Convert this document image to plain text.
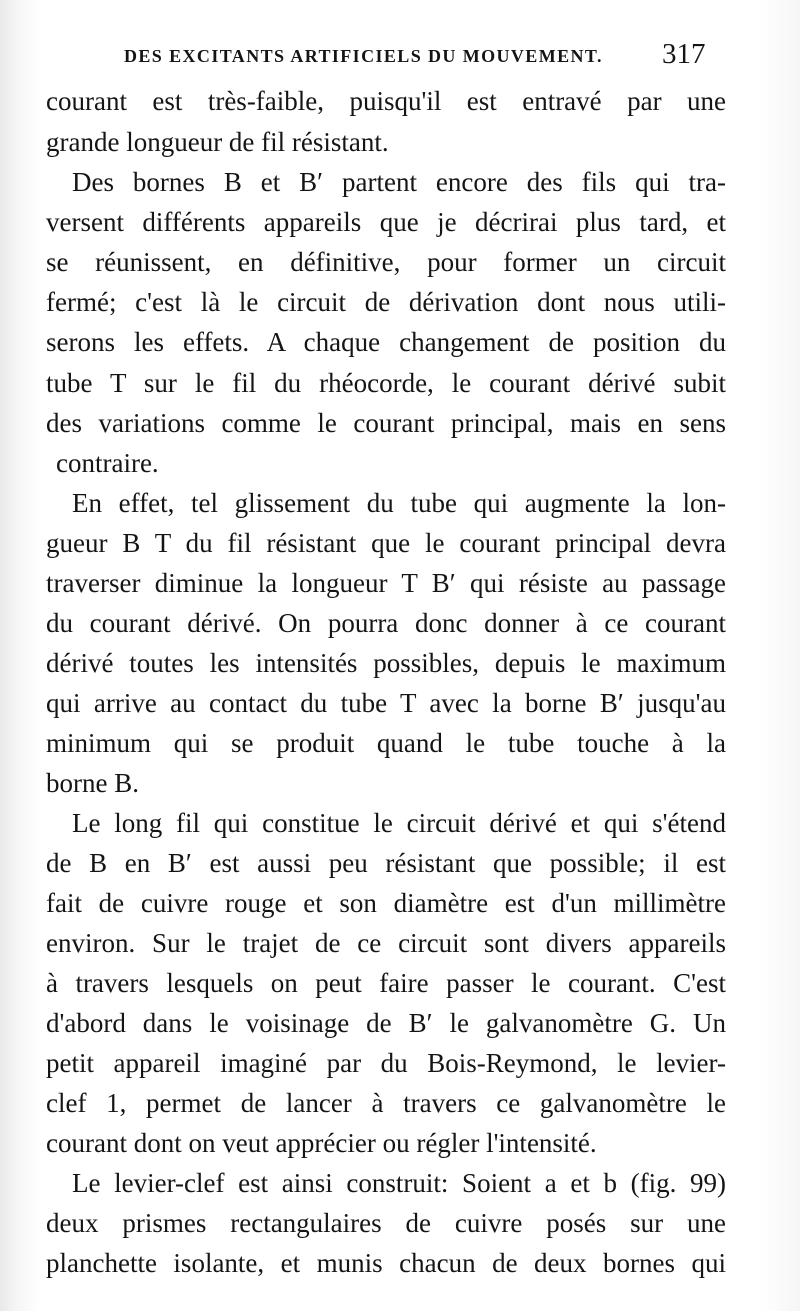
DES EXCITANTS ARTIFICIELS DU MOUVEMENT. 317
courant est très-faible, puisqu'il est entravé par une
grande longueur de fil résistant.
Des bornes B et B′ partent encore des fils qui tra-
versent différents appareils que je décrirai plus tard, et
se réunissent, en définitive, pour former un circuit
fermé; c'est là le circuit de dérivation dont nous utili-
serons les effets. A chaque changement de position du
tube T sur le fil du rhéocorde, le courant dérivé subit
des variations comme le courant principal, mais en sens
contraire.
En effet, tel glissement du tube qui augmente la lon-
gueur B T du fil résistant que le courant principal devra
traverser diminue la longueur T B′ qui résiste au passage
du courant dérivé. On pourra donc donner à ce courant
dérivé toutes les intensités possibles, depuis le maximum
qui arrive au contact du tube T avec la borne B′ jusqu'au
minimum qui se produit quand le tube touche à la
borne B.
Le long fil qui constitue le circuit dérivé et qui s'étend
de B en B′ est aussi peu résistant que possible; il est
fait de cuivre rouge et son diamètre est d'un millimètre
environ. Sur le trajet de ce circuit sont divers appareils
à travers lesquels on peut faire passer le courant. C'est
d'abord dans le voisinage de B′ le galvanomètre G. Un
petit appareil imaginé par du Bois-Reymond, le levier-
clef 1, permet de lancer à travers ce galvanomètre le
courant dont on veut apprécier ou régler l'intensité.
Le levier-clef est ainsi construit: Soient a et b (fig. 99)
deux prismes rectangulaires de cuivre posés sur une
planchette isolante, et munis chacun de deux bornes qui
